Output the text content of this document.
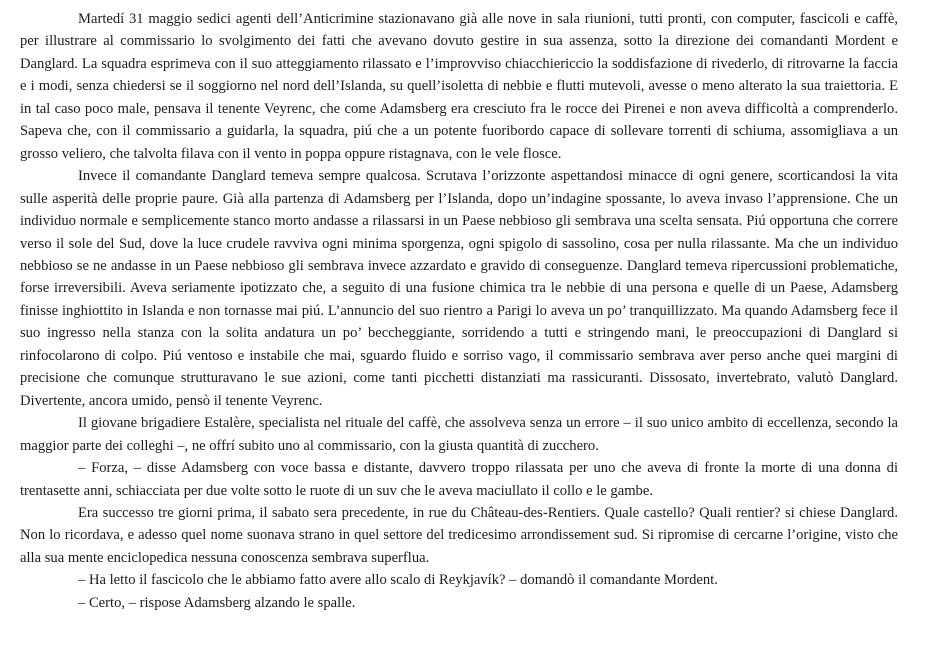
Martedí 31 maggio sedici agenti dell’Anticrimine stazionavano già alle nove in sala riunioni, tutti pronti, con computer, fascicoli e caffè, per illustrare al commissario lo svolgimento dei fatti che avevano dovuto gestire in sua assenza, sotto la direzione dei comandanti Mordent e Danglard. La squadra esprimeva con il suo atteggiamento rilassato e l’improvviso chiacchiericcio la soddisfazione di rivederlo, di ritrovarne la faccia e i modi, senza chiedersi se il soggiorno nel nord dell’Islanda, su quell’isoletta di nebbie e flutti mutevoli, avesse o meno alterato la sua traiettoria. E in tal caso poco male, pensava il tenente Veyrenc, che come Adamsberg era cresciuto fra le rocce dei Pirenei e non aveva difficoltà a comprenderlo. Sapeva che, con il commissario a guidarla, la squadra, piú che a un potente fuoribordo capace di sollevare torrenti di schiuma, assomigliava a un grosso veliero, che talvolta filava con il vento in poppa oppure ristagnava, con le vele flosce.

Invece il comandante Danglard temeva sempre qualcosa. Scrutava l’orizzonte aspettandosi minacce di ogni genere, scorticandosi la vita sulle asperità delle proprie paure. Già alla partenza di Adamsberg per l’Islanda, dopo un’indagine spossante, lo aveva invaso l’apprensione. Che un individuo normale e semplicemente stanco morto andasse a rilassarsi in un Paese nebbioso gli sembrava una scelta sensata. Piú opportuna che correre verso il sole del Sud, dove la luce crudele ravviva ogni minima sporgenza, ogni spigolo di sassolino, cosa per nulla rilassante. Ma che un individuo nebbioso se ne andasse in un Paese nebbioso gli sembrava invece azzardato e gravido di conseguenze. Danglard temeva ripercussioni problematiche, forse irreversibili. Aveva seriamente ipotizzato che, a seguito di una fusione chimica tra le nebbie di una persona e quelle di un Paese, Adamsberg finisse inghiottito in Islanda e non tornasse mai piú. L’annuncio del suo rientro a Parigi lo aveva un po’ tranquillizzato. Ma quando Adamsberg fece il suo ingresso nella stanza con la solita andatura un po’ beccheggiante, sorridendo a tutti e stringendo mani, le preoccupazioni di Danglard si rinfocolarono di colpo. Piú ventoso e instabile che mai, sguardo fluido e sorriso vago, il commissario sembrava aver perso anche quei margini di precisione che comunque strutturavano le sue azioni, come tanti picchetti distanziati ma rassicuranti. Dissosato, invertebrato, valutò Danglard. Divertente, ancora umido, pensò il tenente Veyrenc.

Il giovane brigadiere Estalère, specialista nel rituale del caffè, che assolveva senza un errore – il suo unico ambito di eccellenza, secondo la maggior parte dei colleghi –, ne offrí subito uno al commissario, con la giusta quantità di zucchero.

– Forza, – disse Adamsberg con voce bassa e distante, davvero troppo rilassata per uno che aveva di fronte la morte di una donna di trentasette anni, schiacciata per due volte sotto le ruote di un suv che le aveva maciullato il collo e le gambe.

Era successo tre giorni prima, il sabato sera precedente, in rue du Château-des-Rentiers. Quale castello? Quali rentier? si chiese Danglard. Non lo ricordava, e adesso quel nome suonava strano in quel settore del tredicesimo arrondissement sud. Si ripromise di cercarne l’origine, visto che alla sua mente enciclopedica nessuna conoscenza sembrava superflua.

– Ha letto il fascicolo che le abbiamo fatto avere allo scalo di Reykjavík? – domandò il comandante Mordent.

– Certo, – rispose Adamsberg alzando le spalle.
